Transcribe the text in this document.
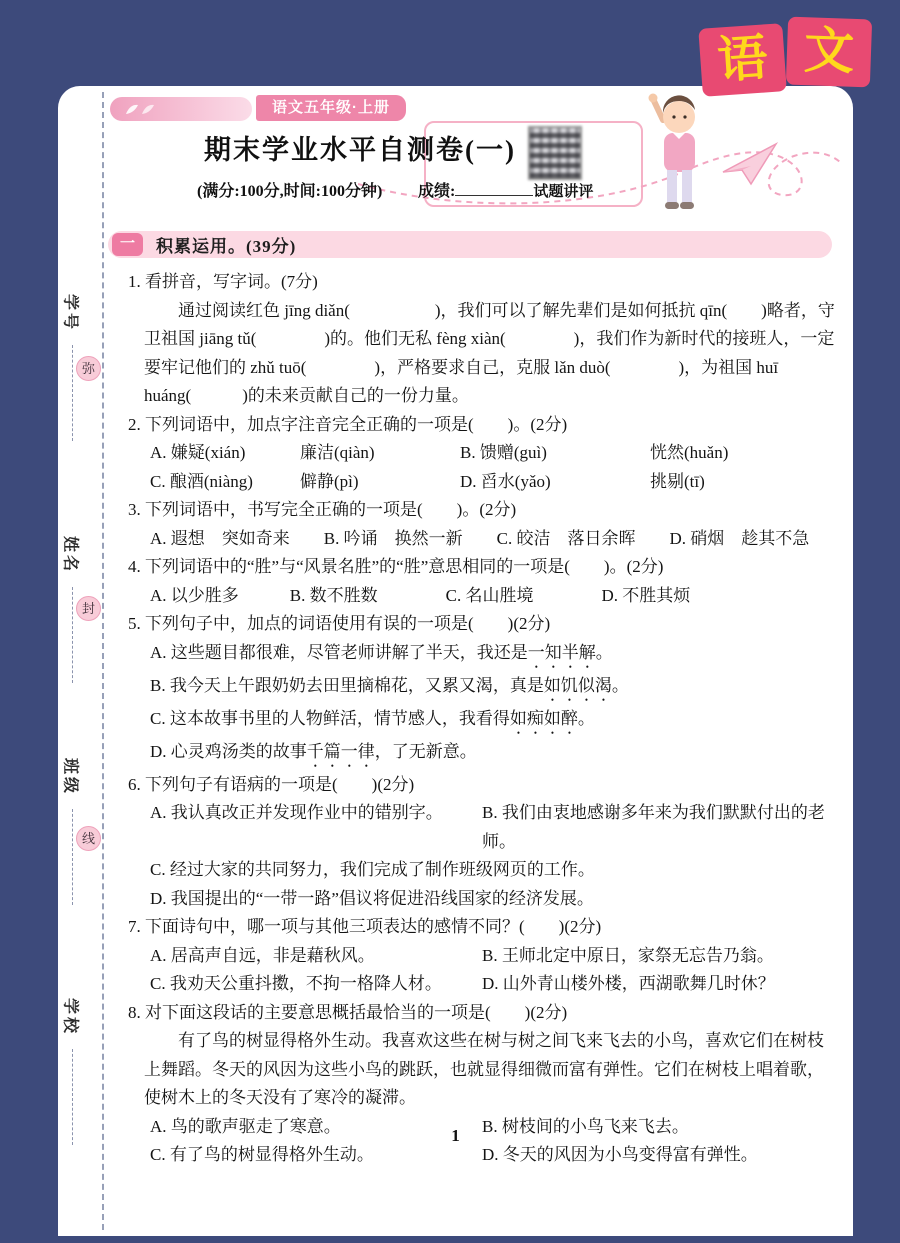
语 文
学号
姓名
班级
学校
弥
封
线
语文五年级·上册
期末学业水平自测卷(一)
(满分:100分,时间:100分钟) 成绩:	试题讲评
一	积累运用。(39分)
1. 看拼音，写字词。(7分)
通过阅读红色 jīng diǎn(　　　　　)，我们可以了解先辈们是如何抵抗 qīn(　　)略者，守卫祖国 jiāng tǔ(　　　　)的。他们无私 fèng xiàn(　　　　)，我们作为新时代的接班人，一定要牢记他们的 zhǔ tuō(　　　　)，严格要求自己，克服 lǎn duò(　　　　)，为祖国 huī huáng(　　　)的未来贡献自己的一份力量。
2. 下列词语中，加点字注音完全正确的一项是(　　)。(2分)
A. 嫌疑(xián)	廉洁(qiàn)	B. 馈赠(guì)	恍然(huǎn)
C. 酿酒(niàng)	僻静(pì)	D. 舀水(yǎo)	挑剔(tī)
3. 下列词语中，书写完全正确的一项是(　　)。(2分)
A. 遐想　突如奇来　　B. 吟诵　换然一新　　C. 皎洁　落日余晖　　D. 硝烟　趁其不急
4. 下列词语中的“胜”与“风景名胜”的“胜”意思相同的一项是(　　)。(2分)
A. 以少胜多　　　B. 数不胜数　　　　C. 名山胜境　　　　D. 不胜其烦
5. 下列句子中，加点的词语使用有误的一项是(　　)(2分)
A. 这些题目都很难，尽管老师讲解了半天，我还是一知半解。
B. 我今天上午跟奶奶去田里摘棉花，又累又渴，真是如饥似渴。
C. 这本故事书里的人物鲜活，情节感人，我看得如痴如醉。
D. 心灵鸡汤类的故事千篇一律，了无新意。
6. 下列句子有语病的一项是(　　)(2分)
A. 我认真改正并发现作业中的错别字。	B. 我们由衷地感谢多年来为我们默默付出的老师。
C. 经过大家的共同努力，我们完成了制作班级网页的工作。
D. 我国提出的“一带一路”倡议将促进沿线国家的经济发展。
7. 下面诗句中，哪一项与其他三项表达的感情不同？(　　)(2分)
A. 居高声自远，非是藉秋风。	B. 王师北定中原日，家祭无忘告乃翁。
C. 我劝天公重抖擞，不拘一格降人材。	D. 山外青山楼外楼，西湖歌舞几时休？
8. 对下面这段话的主要意思概括最恰当的一项是(　　)(2分)
有了鸟的树显得格外生动。我喜欢这些在树与树之间飞来飞去的小鸟，喜欢它们在树枝上舞蹈。冬天的风因为这些小鸟的跳跃，也就显得细微而富有弹性。它们在树枝上唱着歌，使树木上的冬天没有了寒冷的凝滞。
A. 鸟的歌声驱走了寒意。	B. 树枝间的小鸟飞来飞去。
C. 有了鸟的树显得格外生动。	D. 冬天的风因为小鸟变得富有弹性。
1
